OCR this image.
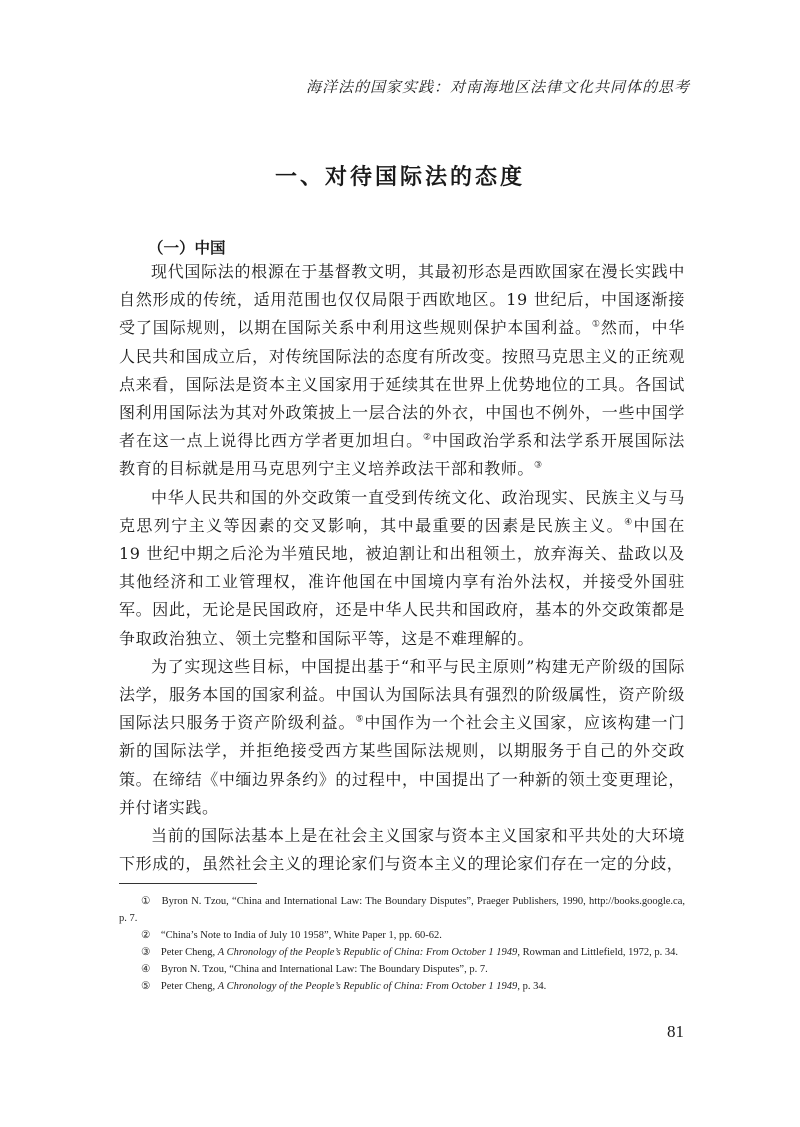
海洋法的国家实践：对南海地区法律文化共同体的思考
一、对待国际法的态度
（一）中国

现代国际法的根源在于基督教文明，其最初形态是西欧国家在漫长实践中自然形成的传统，适用范围也仅仅局限于西欧地区。19 世纪后，中国逐渐接受了国际规则，以期在国际关系中利用这些规则保护本国利益。①然而，中华人民共和国成立后，对传统国际法的态度有所改变。按照马克思主义的正统观点来看，国际法是资本主义国家用于延续其在世界上优势地位的工具。各国试图利用国际法为其对外政策披上一层合法的外衣，中国也不例外，一些中国学者在这一点上说得比西方学者更加坦白。②中国政治学系和法学系开展国际法教育的目标就是用马克思列宁主义培养政法干部和教师。③

中华人民共和国的外交政策一直受到传统文化、政治现实、民族主义与马克思列宁主义等因素的交叉影响，其中最重要的因素是民族主义。④中国在 19 世纪中期之后沦为半殖民地，被迫割让和出租领土，放弃海关、盐政以及其他经济和工业管理权，准许他国在中国境内享有治外法权，并接受外国驻军。因此，无论是民国政府，还是中华人民共和国政府，基本的外交政策都是争取政治独立、领土完整和国际平等，这是不难理解的。

为了实现这些目标，中国提出基于“和平与民主原则”构建无产阶级的国际法学，服务本国的国家利益。中国认为国际法具有强烈的阶级属性，资产阶级国际法只服务于资产阶级利益。⑤中国作为一个社会主义国家，应该构建一门新的国际法学，并拒绝接受西方某些国际法规则，以期服务于自己的外交政策。在缔结《中缅边界条约》的过程中，中国提出了一种新的领土变更理论，并付诸实践。

当前的国际法基本上是在社会主义国家与资本主义国家和平共处的大环境下形成的，虽然社会主义的理论家们与资本主义的理论家们存在一定的分歧，

① Byron N. Tzou, “China and International Law: The Boundary Disputes”, Praeger Publishers, 1990, http://books.google.ca, p. 7.
② “China’s Note to India of July 10 1958”, White Paper 1, pp. 60-62.
③ Peter Cheng, A Chronology of the People’s Republic of China: From October 1 1949, Rowman and Littlefield, 1972, p. 34.
④ Byron N. Tzou, “China and International Law: The Boundary Disputes”, p. 7.
⑤ Peter Cheng, A Chronology of the People’s Republic of China: From October 1 1949, p. 34.
81
